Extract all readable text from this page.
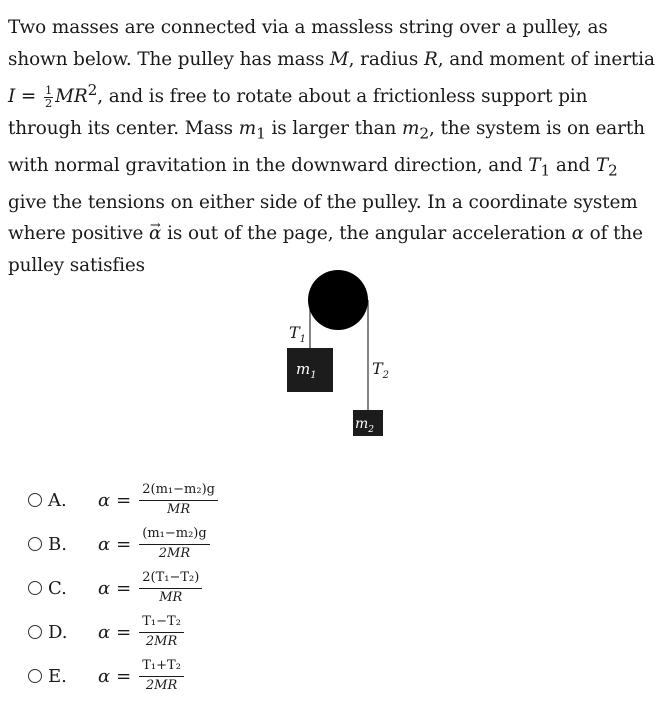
Two masses are connected via a massless string over a pulley, as shown below. The pulley has mass M, radius R, and moment of inertia
$I = \frac{1}{2} MR^2$, and is free to rotate about a frictionless support pin through its center. Mass $m_1$ is larger than $m_2$, the system is on earth with normal gravitation in the downward direction, and $T_1$ and $T_2$ give the tensions on either side of the pulley. In a coordinate system where positive → α is out of the page, the angular acceleration α of the pulley satisfies

$T_1$
$T_2$
$m_1$
$m_2$
A.	$\alpha = \frac{\text{2(m₁−m₂)g}}{MR}$
B.	$\alpha = \frac{\text{(m₁−m₂)g}}{2MR}$
C.	$\alpha = \frac{\text{2(T₁−T₂)}}{MR}$
D.	$\alpha = \frac{\text{T₁−T₂}}{2MR}$
E.	$\alpha = \frac{\text{T₁+T₂}}{2MR}$
